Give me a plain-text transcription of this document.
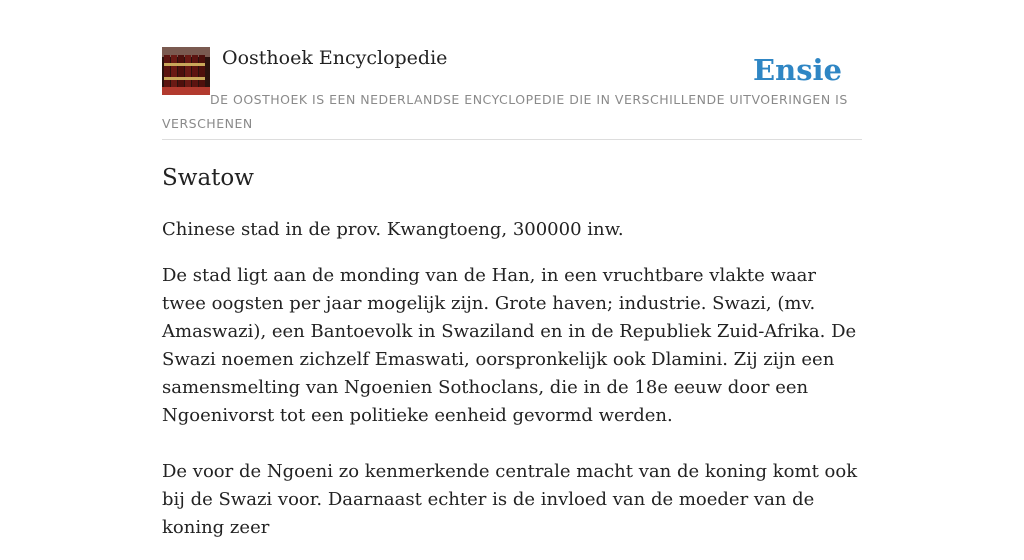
Oosthoek Encyclopedie	Ensie
DE OOSTHOEK IS EEN NEDERLANDSE ENCYCLOPEDIE DIE IN VERSCHILLENDE UITVOERINGEN IS VERSCHENEN
Swatow

Chinese stad in de prov. Kwangtoeng, 300000 inw.

De stad ligt aan de monding van de Han, in een vruchtbare vlakte waar twee oogsten per jaar mogelijk zijn. Grote haven; industrie. Swazi, (mv. Amaswazi), een Bantoevolk in Swaziland en in de Republiek Zuid-Afrika. De Swazi noemen zichzelf Emaswati, oorspronkelijk ook Dlamini. Zij zijn een samensmelting van Ngoenien Sothoclans, die in de 18e eeuw door een Ngoenivorst tot een politieke eenheid gevormd werden.

De voor de Ngoeni zo kenmerkende centrale macht van de koning komt ook bij de Swazi voor. Daarnaast echter is de invloed van de moeder van de koning zeer
